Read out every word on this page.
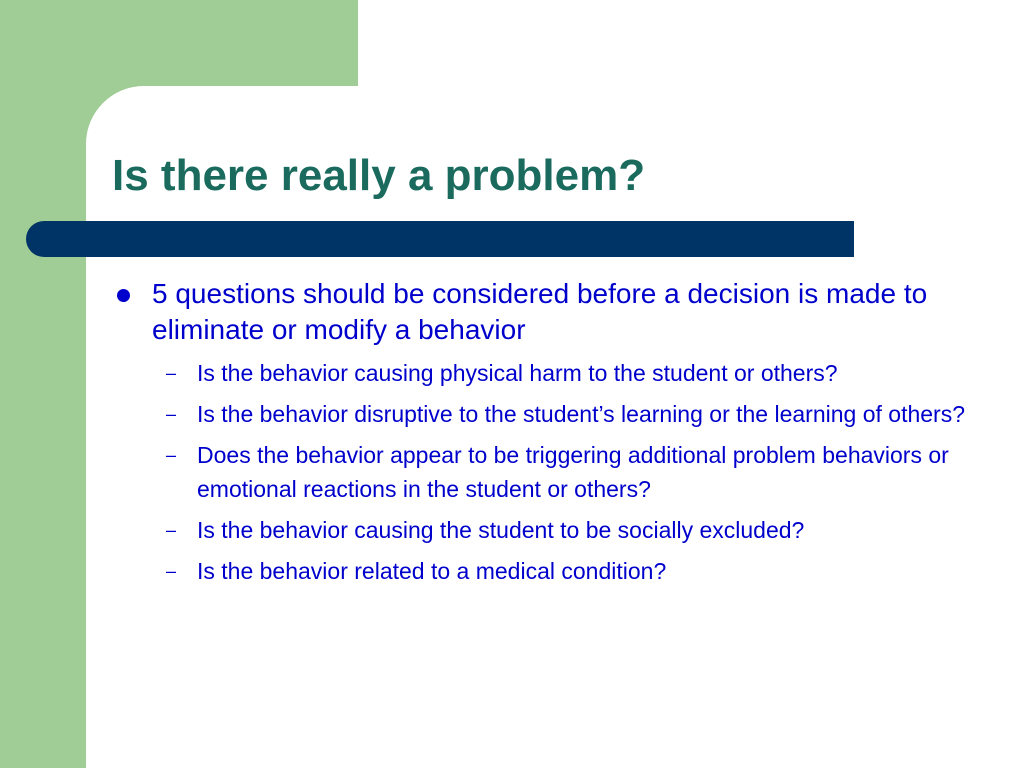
Is there really a problem?
5 questions should be considered before a decision is made to eliminate or modify a behavior
– Is the behavior causing physical harm to the student or others?
– Is the behavior disruptive to the student’s learning or the learning of others?
– Does the behavior appear to be triggering additional problem behaviors or emotional reactions in the student or others?
– Is the behavior causing the student to be socially excluded?
– Is the behavior related to a medical condition?
